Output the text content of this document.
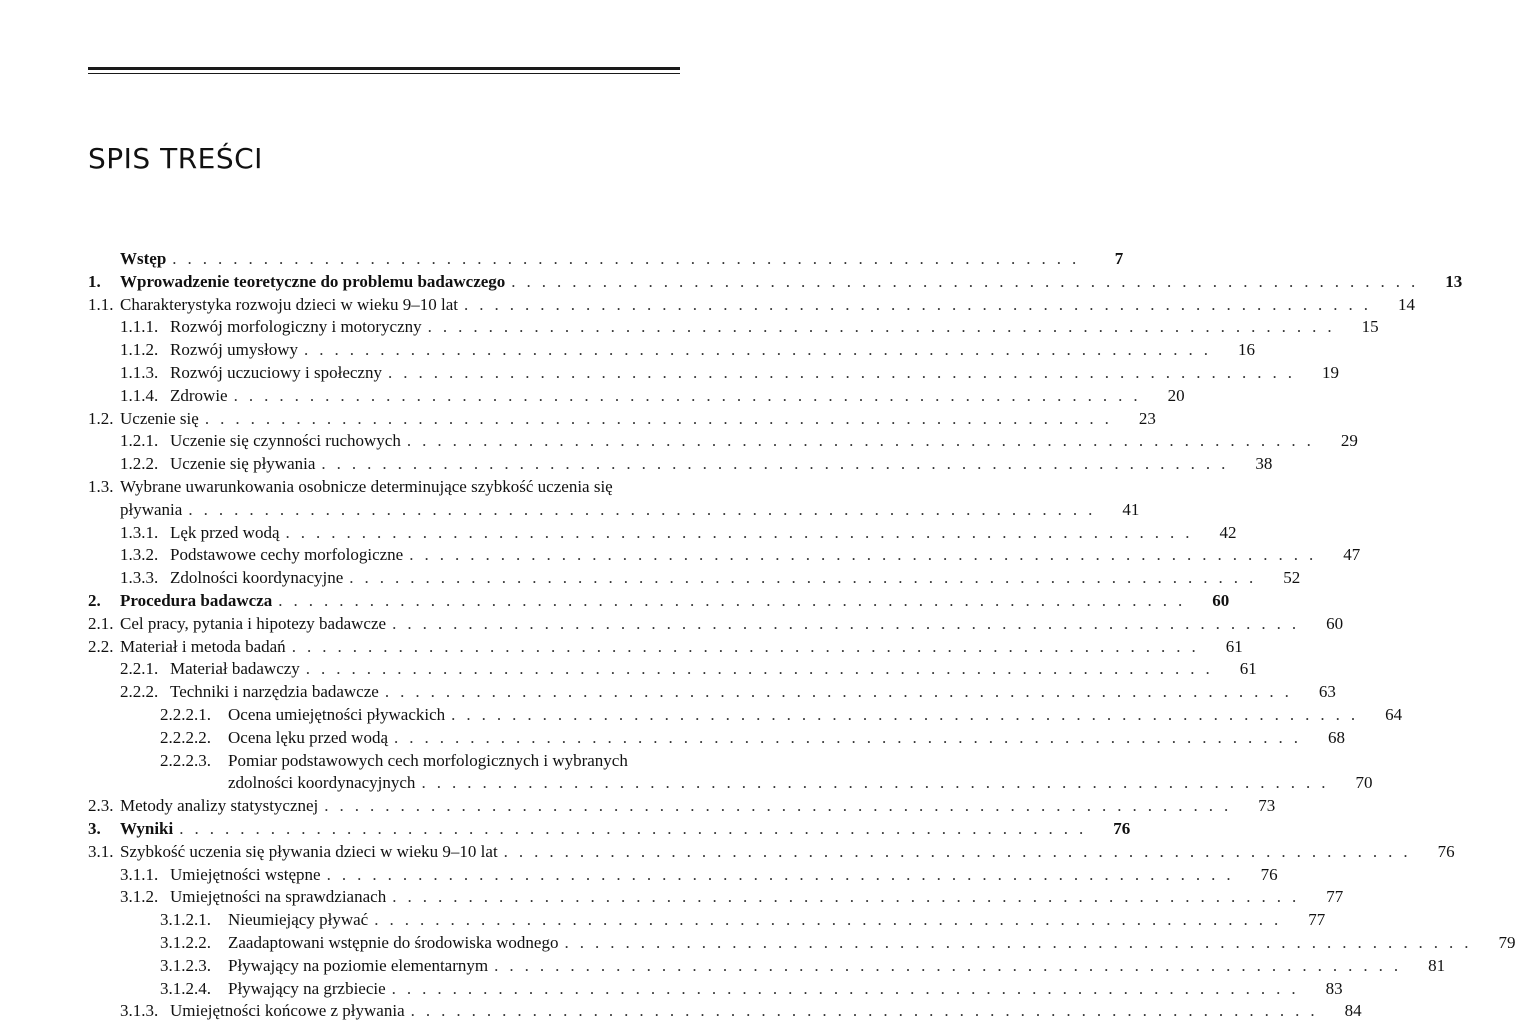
SPIS TREŚCI
Wstęp ............................................................	7
1.	Wprowadzenie teoretyczne do problemu badawczego ............................................................	13
1.1. Charakterystyka rozwoju dzieci w wieku 9–10 lat ............................................................	14
1.1.1. Rozwój morfologiczny i motoryczny ............................................................	15
1.1.2. Rozwój umysłowy ............................................................	16
1.1.3. Rozwój uczuciowy i społeczny ............................................................	19
1.1.4. Zdrowie ............................................................	20
1.2. Uczenie się ............................................................	23
1.2.1. Uczenie się czynności ruchowych ............................................................	29
1.2.2. Uczenie się pływania ............................................................	38
1.3. Wybrane uwarunkowania osobnicze determinujące szybkość uczenia się
pływania ............................................................	41
1.3.1. Lęk przed wodą ............................................................	42
1.3.2. Podstawowe cechy morfologiczne ............................................................	47
1.3.3. Zdolności koordynacyjne ............................................................	52
2.	Procedura badawcza ............................................................	60
2.1. Cel pracy, pytania i hipotezy badawcze ............................................................	60
2.2. Materiał i metoda badań ............................................................	61
2.2.1. Materiał badawczy ............................................................	61
2.2.2. Techniki i narzędzia badawcze ............................................................	63
2.2.2.1.	Ocena umiejętności pływackich ............................................................	64
2.2.2.2.	Ocena lęku przed wodą ............................................................	68
2.2.2.3.	Pomiar podstawowych cech morfologicznych i wybranych
zdolności koordynacyjnych ............................................................	70
2.3. Metody analizy statystycznej ............................................................	73
3.	Wyniki ............................................................	76
3.1. Szybkość uczenia się pływania dzieci w wieku 9–10 lat ............................................................	76
3.1.1. Umiejętności wstępne ............................................................	76
3.1.2. Umiejętności na sprawdzianach ............................................................	77
3.1.2.1.	Nieumiejący pływać ............................................................	77
3.1.2.2.	Zaadaptowani wstępnie do środowiska wodnego ............................................................	79
3.1.2.3.	Pływający na poziomie elementarnym ............................................................	81
3.1.2.4.	Pływający na grzbiecie ............................................................	83
3.1.3. Umiejętności końcowe z pływania ............................................................	84
